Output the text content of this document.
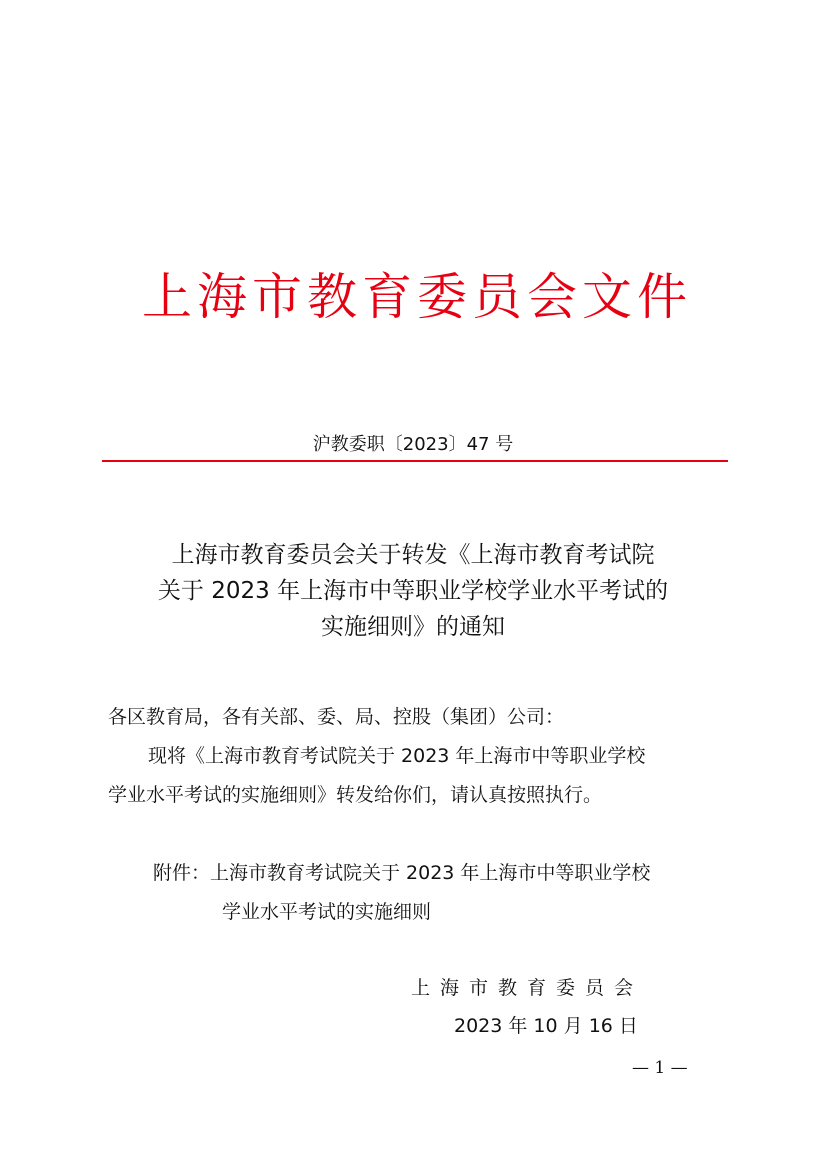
上海市教育委员会文件
沪教委职〔2023〕47 号
上海市教育委员会关于转发《上海市教育考试院
关于 2023 年上海市中等职业学校学业水平考试的
实施细则》的通知
各区教育局，各有关部、委、局、控股（集团）公司：
现将《上海市教育考试院关于 2023 年上海市中等职业学校
学业水平考试的实施细则》转发给你们，请认真按照执行。
附件：上海市教育考试院关于 2023 年上海市中等职业学校
学业水平考试的实施细则
上海市教育委员会
2023 年 10 月 16 日
— 1 —
